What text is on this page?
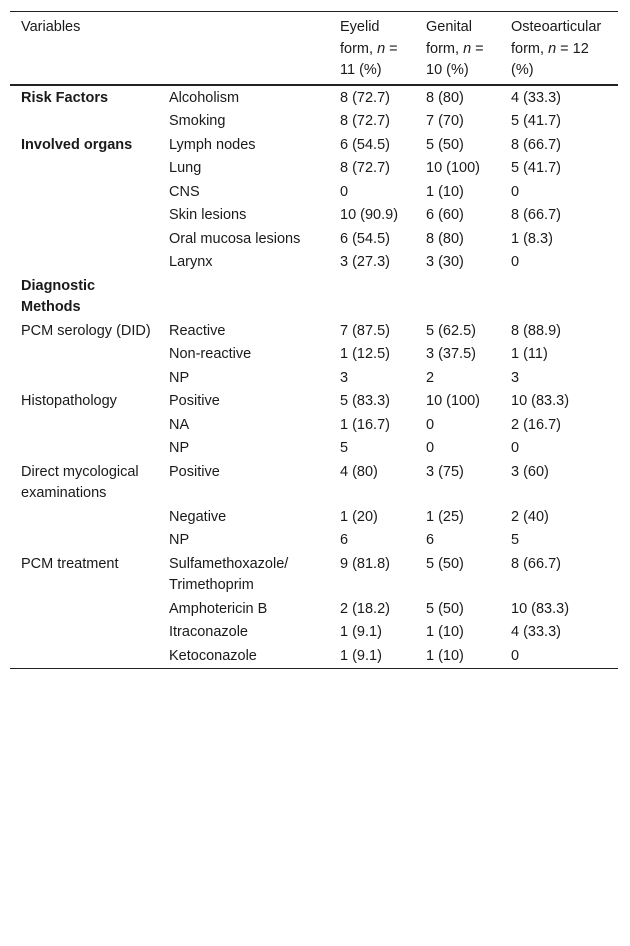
Variables		Eyelid form, n = 11 (%)	Genital form, n = 10 (%)	Osteoarticular form, n = 12 (%)
Risk Factors	Alcoholism	8 (72.7)	8 (80)	4 (33.3)
	Smoking	8 (72.7)	7 (70)	5 (41.7)
Involved organs	Lymph nodes	6 (54.5)	5 (50)	8 (66.7)
	Lung	8 (72.7)	10 (100)	5 (41.7)
	CNS	0	1 (10)	0
	Skin lesions	10 (90.9)	6 (60)	8 (66.7)
	Oral mucosa lesions	6 (54.5)	8 (80)	1 (8.3)
	Larynx	3 (27.3)	3 (30)	0
Diagnostic Methods				
PCM serology (DID)	Reactive	7 (87.5)	5 (62.5)	8 (88.9)
	Non-reactive	1 (12.5)	3 (37.5)	1 (11)
	NP	3	2	3
Histopathology	Positive	5 (83.3)	10 (100)	10 (83.3)
	NA	1 (16.7)	0	2 (16.7)
	NP	5	0	0
Direct mycological examinations	Positive	4 (80)	3 (75)	3 (60)
	Negative	1 (20)	1 (25)	2 (40)
	NP	6	6	5
PCM treatment	Sulfamethoxazole/ Trimethoprim	9 (81.8)	5 (50)	8 (66.7)
	Amphotericin B	2 (18.2)	5 (50)	10 (83.3)
	Itraconazole	1 (9.1)	1 (10)	4 (33.3)
	Ketoconazole	1 (9.1)	1 (10)	0
